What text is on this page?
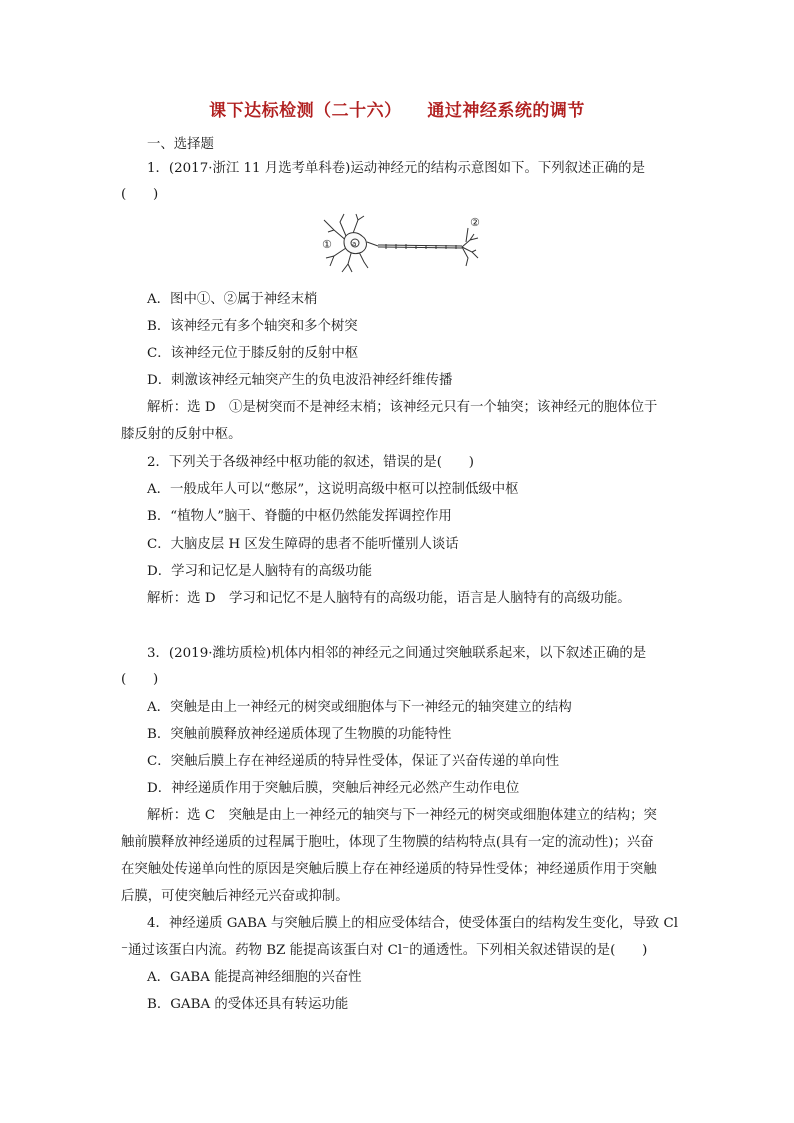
课下达标检测（二十六）    通过神经系统的调节
一、选择题
1．(2017·浙江 11 月选考单科卷)运动神经元的结构示意图如下。下列叙述正确的是
(　　)
①
②
a
A．图中①、②属于神经末梢
B．该神经元有多个轴突和多个树突
C．该神经元位于膝反射的反射中枢
D．刺激该神经元轴突产生的负电波沿神经纤维传播
解析：选 D　①是树突而不是神经末梢；该神经元只有一个轴突；该神经元的胞体位于
膝反射的反射中枢。
2．下列关于各级神经中枢功能的叙述，错误的是(　　)
A．一般成年人可以“憋尿”，这说明高级中枢可以控制低级中枢
B．“植物人”脑干、脊髓的中枢仍然能发挥调控作用
C．大脑皮层 H 区发生障碍的患者不能听懂别人谈话
D．学习和记忆是人脑特有的高级功能
解析：选 D　学习和记忆不是人脑特有的高级功能，语言是人脑特有的高级功能。
3．(2019·潍坊质检)机体内相邻的神经元之间通过突触联系起来，以下叙述正确的是
(　　)
A．突触是由上一神经元的树突或细胞体与下一神经元的轴突建立的结构
B．突触前膜释放神经递质体现了生物膜的功能特性
C．突触后膜上存在神经递质的特异性受体，保证了兴奋传递的单向性
D．神经递质作用于突触后膜，突触后神经元必然产生动作电位
解析：选 C　突触是由上一神经元的轴突与下一神经元的树突或细胞体建立的结构；突
触前膜释放神经递质的过程属于胞吐，体现了生物膜的结构特点(具有一定的流动性)；兴奋
在突触处传递单向性的原因是突触后膜上存在神经递质的特异性受体；神经递质作用于突触
后膜，可使突触后神经元兴奋或抑制。
4．神经递质 GABA 与突触后膜上的相应受体结合，使受体蛋白的结构发生变化，导致 Cl
⁻通过该蛋白内流。药物 BZ 能提高该蛋白对 Cl⁻的通透性。下列相关叙述错误的是(　　)
A．GABA 能提高神经细胞的兴奋性
B．GABA 的受体还具有转运功能
